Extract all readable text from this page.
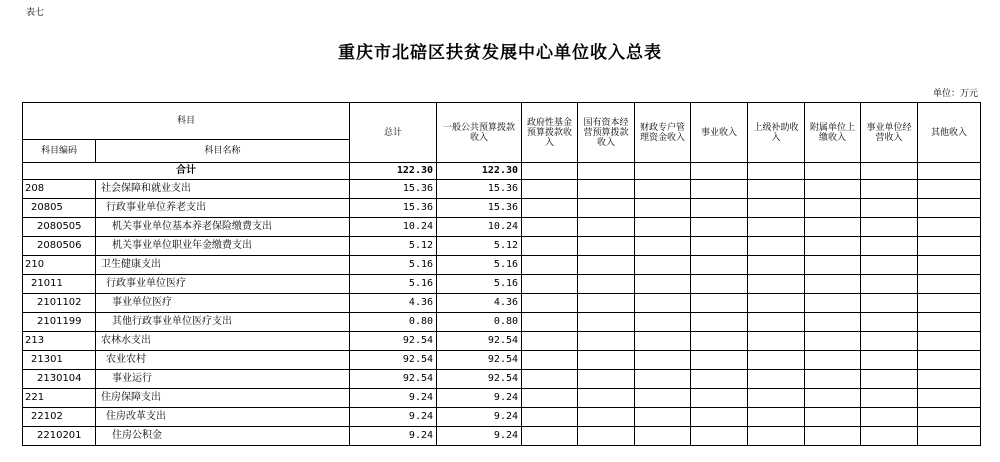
表七
重庆市北碚区扶贫发展中心单位收入总表
单位：万元
科目		总计	一般公共预算拨款收入	政府性基金预算拨款收入	国有资本经营预算拨款收入	财政专户管理资金收入	事业收入	上级补助收入	附属单位上缴收入	事业单位经营收入	其他收入
科目编码	科目名称										
合计		122.30	122.30								
208	社会保障和就业支出	15.36	15.36								
20805	行政事业单位养老支出	15.36	15.36								
2080505	机关事业单位基本养老保险缴费支出	10.24	10.24								
2080506	机关事业单位职业年金缴费支出	5.12	5.12								
210	卫生健康支出	5.16	5.16								
21011	行政事业单位医疗	5.16	5.16								
2101102	事业单位医疗	4.36	4.36								
2101199	其他行政事业单位医疗支出	0.80	0.80								
213	农林水支出	92.54	92.54								
21301	农业农村	92.54	92.54								
2130104	事业运行	92.54	92.54								
221	住房保障支出	9.24	9.24								
22102	住房改革支出	9.24	9.24								
2210201	住房公积金	9.24	9.24								
